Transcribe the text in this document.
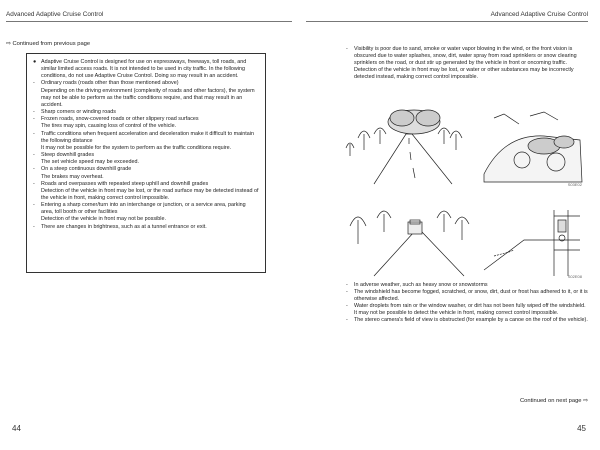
Advanced Adaptive Cruise Control
⇨ Continued from previous page
● Adaptive Cruise Control is designed for use on expressways, freeways, toll roads, and similar limited access roads. It is not intended to be used in city traffic. In the following conditions, do not use Adaptive Cruise Control. Doing so may result in an accident.
-	Ordinary roads (roads other than those mentioned above)
Depending on the driving environment (complexity of roads and other factors), the system may not be able to perform as the traffic conditions require, and that may result in an accident.
-	Sharp corners or winding roads
-	Frozen roads, snow-covered roads or other slippery road surfaces
The tires may spin, causing loss of control of the vehicle.
-	Traffic conditions when frequent acceleration and deceleration make it difficult to maintain the following distance
It may not be possible for the system to perform as the traffic conditions require.
-	Steep downhill grades
The set vehicle speed may be exceeded.
-	On a steep continuous downhill grade
The brakes may overheat.
-	Roads and overpasses with repeated steep uphill and downhill grades
Detection of the vehicle in front may be lost, or the road surface may be detected instead of the vehicle in front, making correct control impossible.
-	Entering a sharp corner/turn into an interchange or junction, or a service area, parking area, toll booth or other facilities
Detection of the vehicle in front may not be possible.
-	There are changes in brightness, such as at a tunnel entrance or exit.
44
Advanced Adaptive Cruise Control
-	Visibility is poor due to sand, smoke or water vapor blowing in the wind, or the front vision is obscured due to water splashes, snow, dirt, water spray from road sprinklers or snow clearing sprinklers on the road, or dust stir up generated by the vehicle in front or oncoming traffic.
Detection of the vehicle in front may be lost, or water or other substances may be incorrectly detected instead, making correct control impossible.
S03E02
S02E08
-	In adverse weather, such as heavy snow or snowstorms
-	The windshield has become fogged, scratched, or snow, dirt, dust or frost has adhered to it, or it is otherwise affected.
-	Water droplets from rain or the window washer, or dirt has not been fully wiped off the windshield.
It may not be possible to detect the vehicle in front, making correct control impossible.
-	The stereo camera's field of view is obstructed (for example by a canoe on the roof of the vehicle).
Continued on next page ⇨
45
